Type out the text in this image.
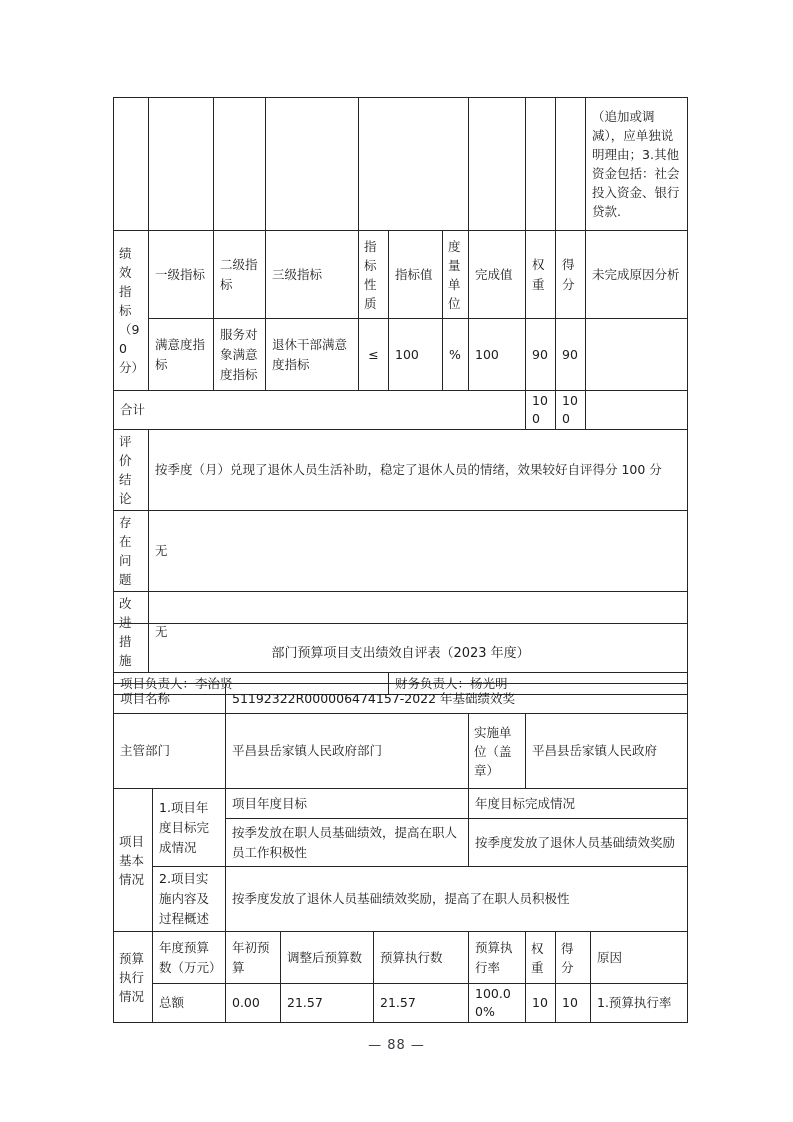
										（追加或调减），应单独说明理由；3.其他资金包括：社会投入资金、银行贷款.
绩效指标（90分）	一级指标	二级指标	三级指标	指标性质	指标值	度量单位	完成值	权重	得分	未完成原因分析
	满意度指标	服务对象满意度指标	退休干部满意度指标	≤	100	%	100	90	90	
合计								100	100	
评价结论	按季度（月）兑现了退休人员生活补助，稳定了退休人员的情绪，效果较好自评得分 100 分									
存在问题	无									
改进措施	无									
项目负责人：李治贤					财务负责人：杨光明					
部门预算项目支出绩效自评表（2023 年度）								
项目名称		51192322R000006474157-2022 年基础绩效奖						
主管部门		平昌县岳家镇人民政府部门			实施单位（盖章）	平昌县岳家镇人民政府		
项目基本情况	1.项目年度目标完成情况	项目年度目标			年度目标完成情况			
		按季发放在职人员基础绩效，提高在职人员工作积极性			按季度发放了退休人员基础绩效奖励			
	2.项目实施内容及过程概述	按季度发放了退休人员基础绩效奖励，提高了在职人员积极性						
预算执行情况	年度预算数（万元）	年初预算	调整后预算数	预算执行数	预算执行率	权重	得分	原因
	总额	0.00	21.57	21.57	100.00%	10	10	1.预算执行率
— 88 —
